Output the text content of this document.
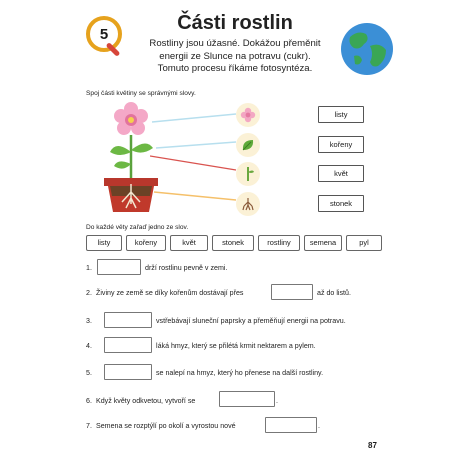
5	Části rostlin
Rostliny jsou úžasné. Dokážou přeměnit
energii ze Slunce na potravu (cukr).
Tomuto procesu říkáme fotosyntéza.
Spoj části květiny se správnými slovy.
listy
kořeny
květ
stonek
Do každé věty zařaď jedno ze slov.
listy	kořeny	květ	stonek	rostliny	semena	pyl
1.	drží rostlinu pevně v zemi.
2. Živiny ze země se díky kořenům dostávají přes	až do listů.
3.	vstřebávají sluneční paprsky a přeměňují energii na potravu.
4.	láká hmyz, který se přilétá krmit nektarem a pylem.
5.	se nalepí na hmyz, který ho přenese na další rostliny.
6. Když květy odkvetou, vytvoří se	.
7. Semena se rozptýlí po okolí a vyrostou nové	.
87
